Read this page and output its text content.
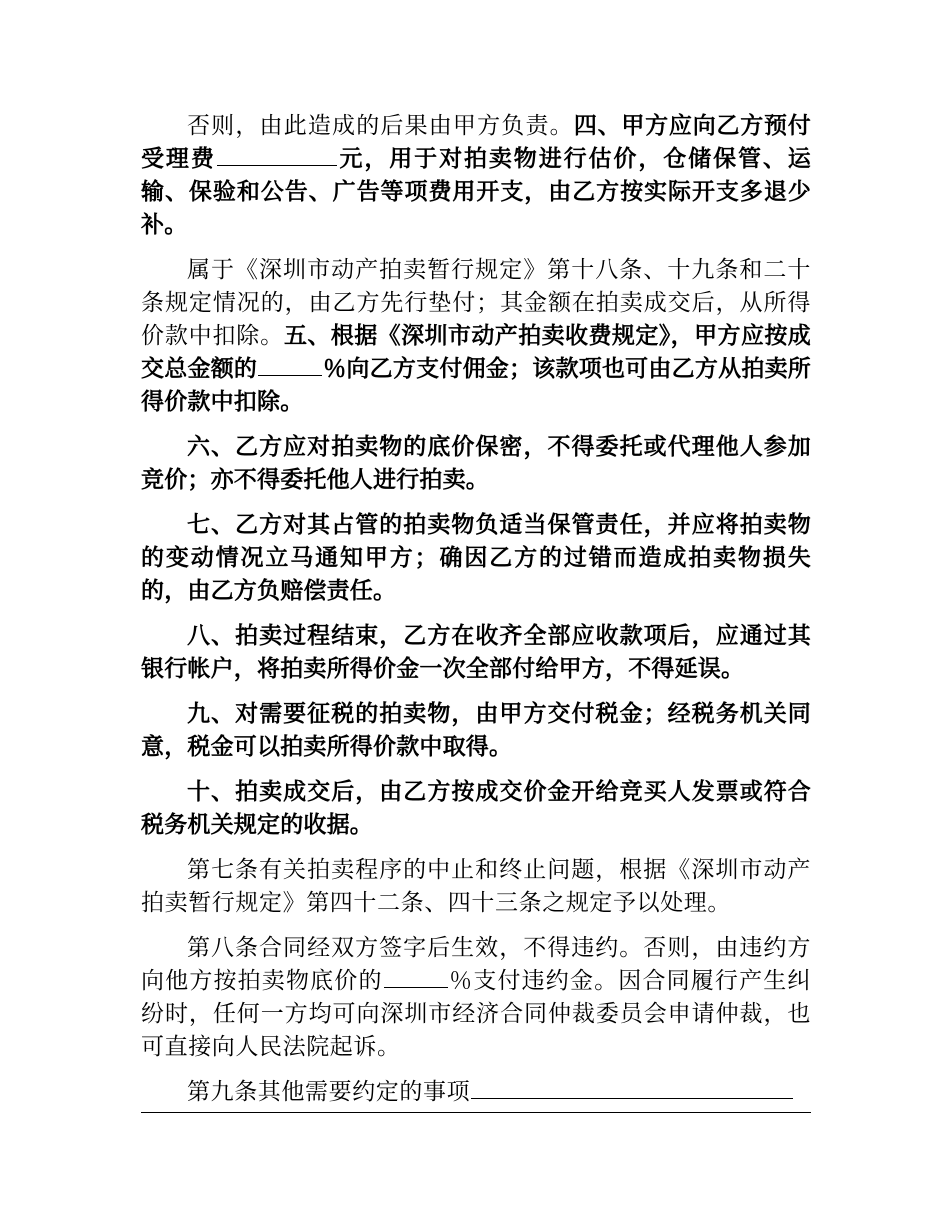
否则，由此造成的后果由甲方负责。四、甲方应向乙方预付受理费	元，用于对拍卖物进行估价，仓储保管、运输、保验和公告、广告等项费用开支，由乙方按实际开支多退少补。

属于《深圳市动产拍卖暂行规定》第十八条、十九条和二十条规定情况的，由乙方先行垫付；其金额在拍卖成交后，从所得价款中扣除。五、根据《深圳市动产拍卖收费规定》，甲方应按成交总金额的	％向乙方支付佣金；该款项也可由乙方从拍卖所得价款中扣除。

六、乙方应对拍卖物的底价保密，不得委托或代理他人参加竞价；亦不得委托他人进行拍卖。

七、乙方对其占管的拍卖物负适当保管责任，并应将拍卖物的变动情况立马通知甲方；确因乙方的过错而造成拍卖物损失的，由乙方负赔偿责任。

八、拍卖过程结束，乙方在收齐全部应收款项后，应通过其银行帐户，将拍卖所得价金一次全部付给甲方，不得延误。

九、对需要征税的拍卖物，由甲方交付税金；经税务机关同意，税金可以拍卖所得价款中取得。

十、拍卖成交后，由乙方按成交价金开给竞买人发票或符合税务机关规定的收据。

第七条有关拍卖程序的中止和终止问题，根据《深圳市动产拍卖暂行规定》第四十二条、四十三条之规定予以处理。

第八条合同经双方签字后生效，不得违约。否则，由违约方向他方按拍卖物底价的	％支付违约金。因合同履行产生纠纷时，任何一方均可向深圳市经济合同仲裁委员会申请仲裁，也可直接向人民法院起诉。

第九条其他需要约定的事项
